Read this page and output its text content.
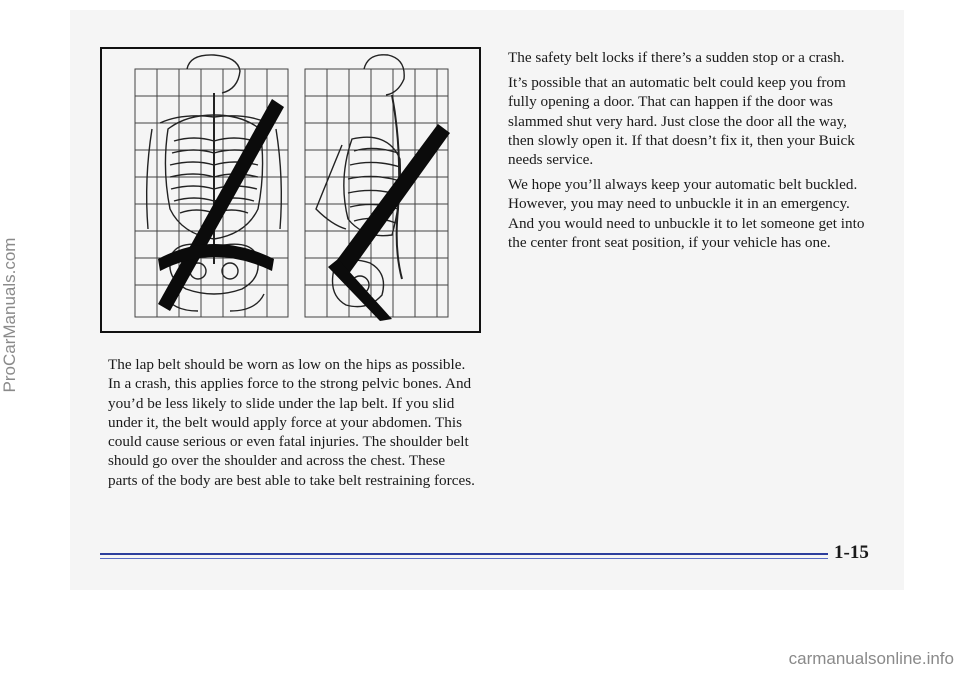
ProCarManuals.com	The lap belt should be worn as low on the hips as possible. In a crash, this applies force to the strong pelvic bones. And you’d be less likely to slide under the lap belt. If you slid under it, the belt would apply force at your abdomen. This could cause serious or even fatal injuries. The shoulder belt should go over the shoulder and across the chest. These parts of the body are best able to take belt restraining forces.

The safety belt locks if there’s a sudden stop or a crash.

It’s possible that an automatic belt could keep you from fully opening a door. That can happen if the door was slammed shut very hard. Just close the door all the way, then slowly open it. If that doesn’t fix it, then your Buick needs service.

We hope you’ll always keep your automatic belt buckled. However, you may need to unbuckle it in an emergency. And you would need to unbuckle it to let someone get into the center front seat position, if your vehicle has one.

1-15
carmanualsonline.info
